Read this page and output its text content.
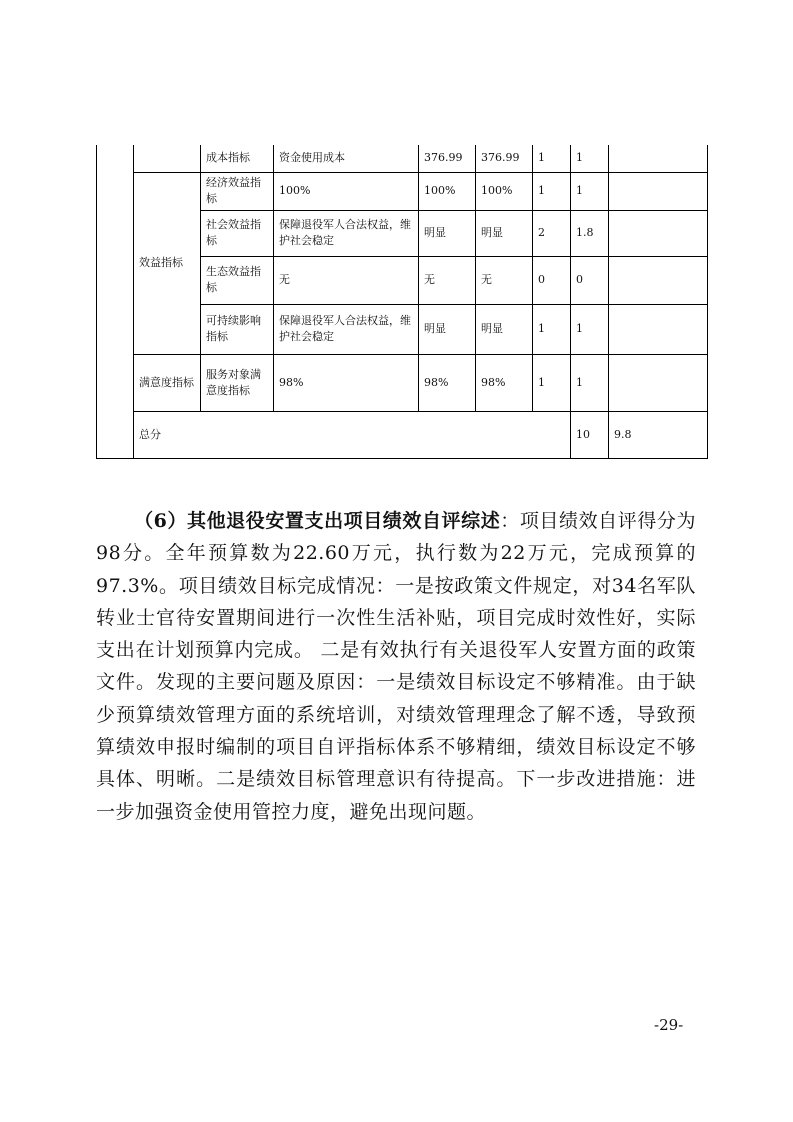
		成本指标	资金使用成本	376.99	376.99	1	1		
	效益指标	经济效益指标	100%	100%	100%	1	1		
		社会效益指标	保障退役军人合法权益，维护社会稳定	明显	明显	2	1.8		
		生态效益指标	无	无	无	0	0		
		可持续影响指标	保障退役军人合法权益，维护社会稳定	明显	明显	1	1		
	满意度指标	服务对象满意度指标	98%	98%	98%	1	1		
	总分						10	9.8	
（6）其他退役安置支出项目绩效自评综述：项目绩效自评得分为98分。全年预算数为22.60万元，执行数为22万元，完成预算的97.3%。项目绩效目标完成情况：一是按政策文件规定，对34名军队转业士官待安置期间进行一次性生活补贴，项目完成时效性好，实际支出在计划预算内完成。 二是有效执行有关退役军人安置方面的政策文件。发现的主要问题及原因：一是绩效目标设定不够精准。由于缺少预算绩效管理方面的系统培训，对绩效管理理念了解不透，导致预算绩效申报时编制的项目自评指标体系不够精细，绩效目标设定不够具体、明晰。二是绩效目标管理意识有待提高。下一步改进措施：进一步加强资金使用管控力度，避免出现问题。
-29-
